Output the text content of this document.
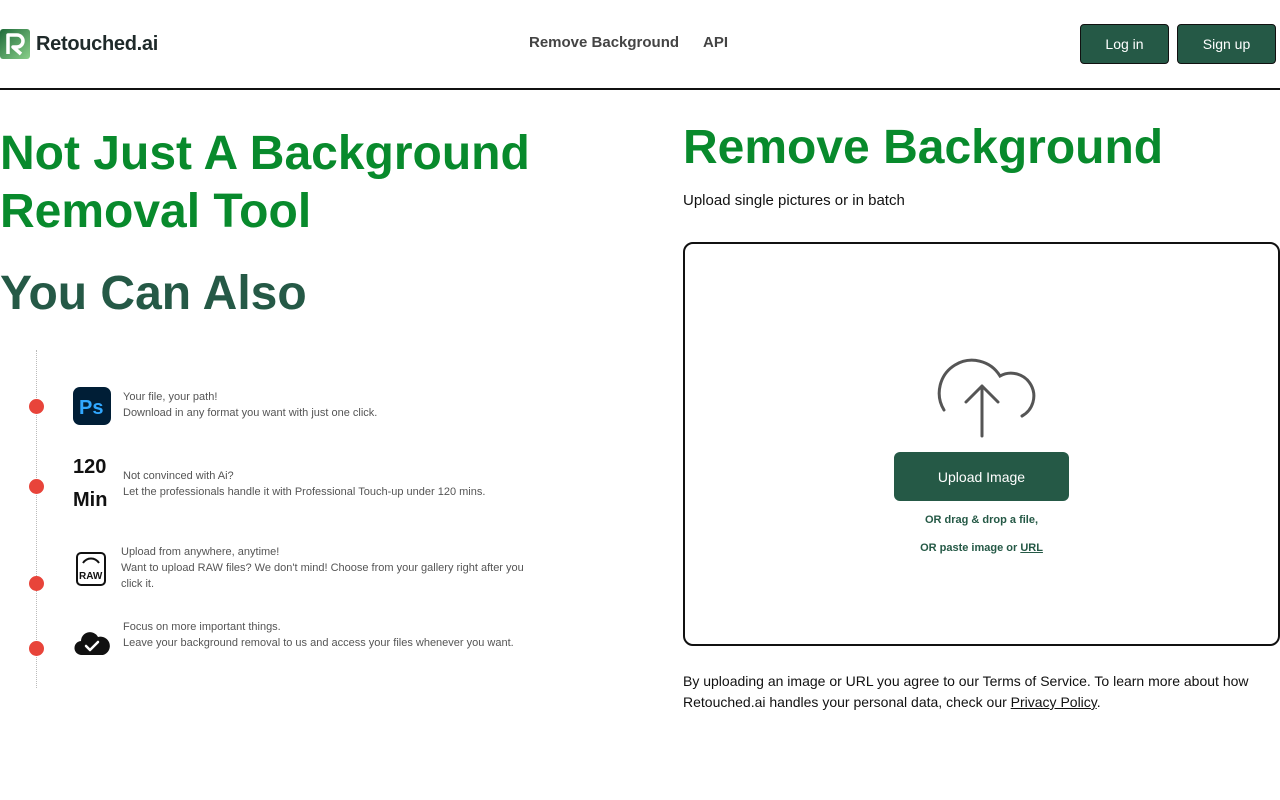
Retouched.ai	Remove Background API	Log in	Sign up
Not Just A Background
Removal Tool
You Can Also
Ps Your file, your path!
Download in any format you want with just one click.
120
Min
Not convinced with Ai?
Let the professionals handle it with Professional Touch-up under 120 mins.
RAW
Upload from anywhere, anytime!
Want to upload RAW files? We don't mind! Choose from your gallery right after you click it.
Focus on more important things.
Leave your background removal to us and access your files whenever you want.
Remove Background
Upload single pictures or in batch
Upload Image
OR drag & drop a file,
OR paste image or URL
By uploading an image or URL you agree to our Terms of Service. To learn more about how Retouched.ai handles your personal data, check our Privacy Policy.
